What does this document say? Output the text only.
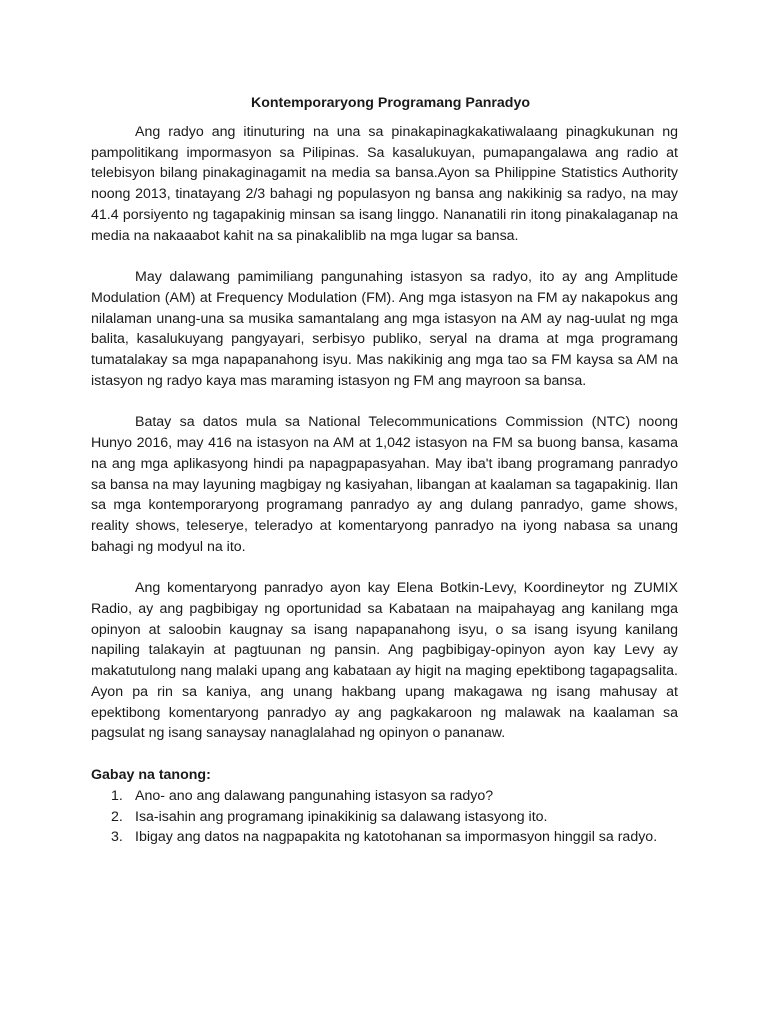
Kontemporaryong Programang Panradyo

Ang radyo ang itinuturing na una sa pinakapinagkakatiwalaang pinagkukunan ng pampolitikang impormasyon sa Pilipinas. Sa kasalukuyan, pumapangalawa ang radio at telebisyon bilang pinakaginagamit na media sa bansa.Ayon sa Philippine Statistics Authority noong 2013, tinatayang 2/3 bahagi ng populasyon ng bansa ang nakikinig sa radyo, na may 41.4 porsiyento ng tagapakinig minsan sa isang linggo. Nananatili rin itong pinakalaganap na media na nakaaabot kahit na sa pinakaliblib na mga lugar sa bansa.

May dalawang pamimiliang pangunahing istasyon sa radyo, ito ay ang Amplitude Modulation (AM) at Frequency Modulation (FM). Ang mga istasyon na FM ay nakapokus ang nilalaman unang-una sa musika samantalang ang mga istasyon na AM ay nag-uulat ng mga balita, kasalukuyang pangyayari, serbisyo publiko, seryal na drama at mga programang tumatalakay sa mga napapanahong isyu. Mas nakikinig ang mga tao sa FM kaysa sa AM na istasyon ng radyo kaya mas maraming istasyon ng FM ang mayroon sa bansa.

Batay sa datos mula sa National Telecommunications Commission (NTC) noong Hunyo 2016, may 416 na istasyon na AM at 1,042 istasyon na FM sa buong bansa, kasama na ang mga aplikasyong hindi pa napagpapasyahan. May iba't ibang programang panradyo sa bansa na may layuning magbigay ng kasiyahan, libangan at kaalaman sa tagapakinig. Ilan sa mga kontemporaryong programang panradyo ay ang dulang panradyo, game shows, reality shows, teleserye, teleradyo at komentaryong panradyo na iyong nabasa sa unang bahagi ng modyul na ito.

Ang komentaryong panradyo ayon kay Elena Botkin-Levy, Koordineytor ng ZUMIX Radio, ay ang pagbibigay ng oportunidad sa Kabataan na maipahayag ang kanilang mga opinyon at saloobin kaugnay sa isang napapanahong isyu, o sa isang isyung kanilang napiling talakayin at pagtuunan ng pansin. Ang pagbibigay-opinyon ayon kay Levy ay makatutulong nang malaki upang ang kabataan ay higit na maging epektibong tagapagsalita. Ayon pa rin sa kaniya, ang unang hakbang upang makagawa ng isang mahusay at epektibong komentaryong panradyo ay ang pagkakaroon ng malawak na kaalaman sa pagsulat ng isang sanaysay nanaglalahad ng opinyon o pananaw.

Gabay na tanong:
1. Ano- ano ang dalawang pangunahing istasyon sa radyo?
2. Isa-isahin ang programang ipinakikinig sa dalawang istasyong ito.
3. Ibigay ang datos na nagpapakita ng katotohanan sa impormasyon hinggil sa radyo.
